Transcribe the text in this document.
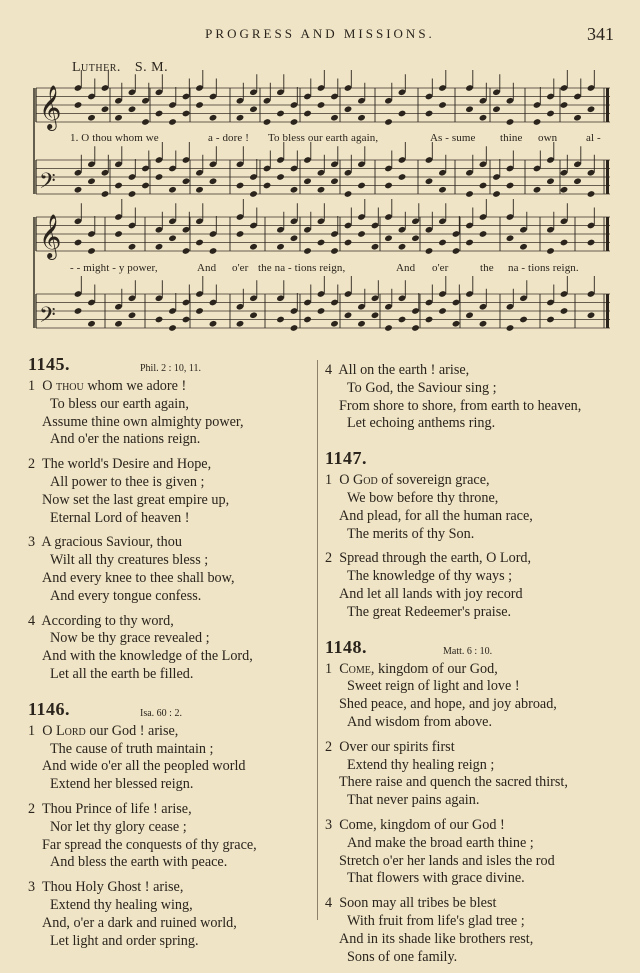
PROGRESS AND MISSIONS.	341
Luther. S. M.
𝄞
𝄢
𝄞
𝄢
1. O thou whom we	a - dore ! To bless our earth again,	As - sume thine own	al -
- - might - y power,	And o'er the na - tions reign,	And o'er	the na - tions reign.
1145.	Phil. 2 : 10, 11.
1 O thou whom we adore !
To bless our earth again,
Assume thine own almighty power,
And o'er the nations reign.
2 The world's Desire and Hope,
All power to thee is given ;
Now set the last great empire up,
Eternal Lord of heaven !
3 A gracious Saviour, thou
Wilt all thy creatures bless ;
And every knee to thee shall bow,
And every tongue confess.
4 According to thy word,
Now be thy grace revealed ;
And with the knowledge of the Lord,
Let all the earth be filled.
1146.	Isa. 60 : 2.
1 O Lord our God ! arise,
The cause of truth maintain ;
And wide o'er all the peopled world
Extend her blessed reign.
2 Thou Prince of life ! arise,
Nor let thy glory cease ;
Far spread the conquests of thy grace,
And bless the earth with peace.
3 Thou Holy Ghost ! arise,
Extend thy healing wing,
And, o'er a dark and ruined world,
Let light and order spring.
4 All on the earth ! arise,
To God, the Saviour sing ;
From shore to shore, from earth to heaven,
Let echoing anthems ring.
1147.
1 O God of sovereign grace,
We bow before thy throne,
And plead, for all the human race,
The merits of thy Son.
2 Spread through the earth, O Lord,
The knowledge of thy ways ;
And let all lands with joy record
The great Redeemer's praise.
1148.	Matt. 6 : 10.
1 Come, kingdom of our God,
Sweet reign of light and love !
Shed peace, and hope, and joy abroad,
And wisdom from above.
2 Over our spirits first
Extend thy healing reign ;
There raise and quench the sacred thirst,
That never pains again.
3 Come, kingdom of our God !
And make the broad earth thine ;
Stretch o'er her lands and isles the rod
That flowers with grace divine.
4 Soon may all tribes be blest
With fruit from life's glad tree ;
And in its shade like brothers rest,
Sons of one family.
